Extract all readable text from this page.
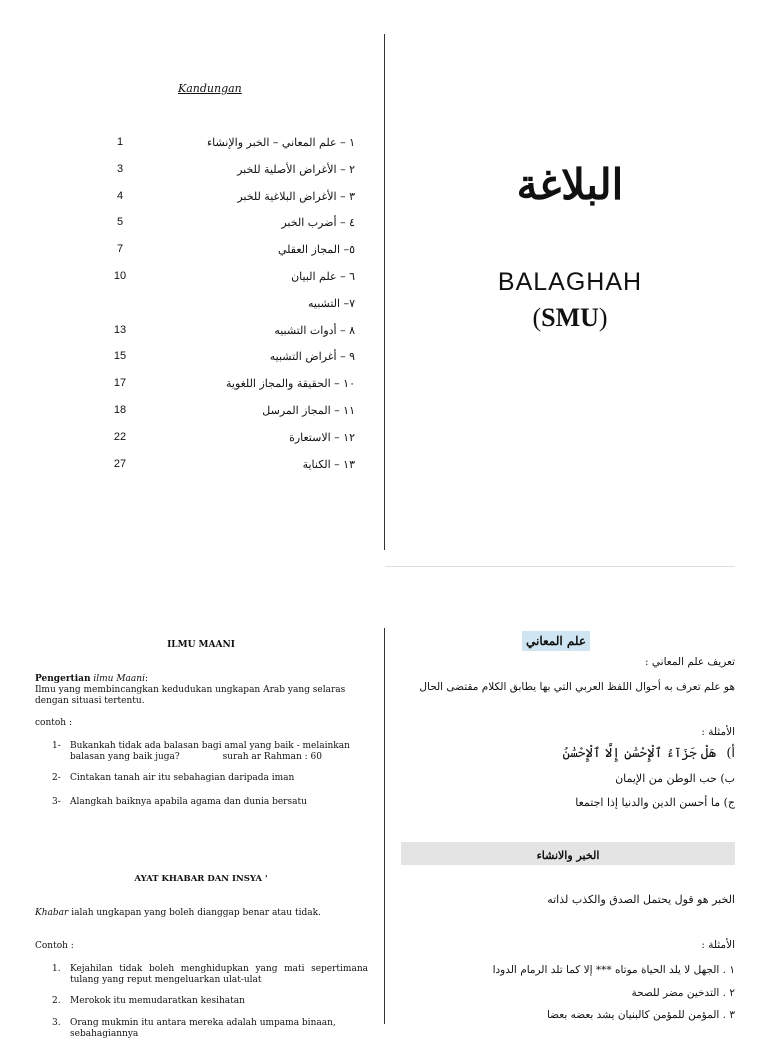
Kandungan
1	١ – علم المعاني – الخبر والإنشاء
3	٢ – الأغراض الأصلية للخبر
4	٣ – الأغراض البلاغية للخبر
5	٤ – أضرب الخبر
7	٥– المجاز العقلي
10	٦ – علم البيان
٧– التشبيه
13	٨ – أدوات التشبيه
15	٩ – أغراض التشبيه
17	١٠ – الحقيقة والمجاز اللغوية
18	١١ – المجاز المرسل
22	١٢ – الاستعارة
27	١٣ – الكناية
البلاغة
BALAGHAH
(SMU)
ILMU MAANI
Pengertian ilmu Maani:
Ilmu yang membincangkan kedudukan ungkapan Arab yang selaras dengan situasi tertentu.
contoh :
1- Bukankah tidak ada balasan bagi amal yang baik - melainkan balasan yang baik juga?	surah ar Rahman : 60
2- Cintakan tanah air itu sebahagian daripada iman
3- Alangkah baiknya apabila agama dan dunia bersatu
AYAT KHABAR DAN INSYA '
Khabar ialah ungkapan yang boleh dianggap benar atau tidak.
Contoh :
1. Kejahilan tidak boleh menghidupkan yang mati sepertimana tulang yang reput mengeluarkan ulat-ulat
2. Merokok itu memudaratkan kesihatan
3. Orang mukmin itu antara mereka adalah umpama binaan, sebahagiannya
علم المعاني
تعريف علم المعاني :
هو علم تعرف به أحوال اللفظ العربي التي بها يطابق الكلام مقتضى الحال
الأمثلة :
أ) هَلْ جَزَآءُ ٱلْإِحْسَٰنِ إِلَّا ٱلْإِحْسَٰنُ
ب) حب الوطن من الإيمان
ج) ما أحسن الدين والدنيا إذا اجتمعا
الخبر والانشاء
الخبر هو قول يحتمل الصدق والكذب لذاته
الأمثلة :
١ . الجهل لا يلد الحياة موتاه *** إلا كما تلد الرمام الدودا
٢ . التدخين مضر للصحة
٣ . المؤمن للمؤمن كالبنيان يشد بعضه بعضا
